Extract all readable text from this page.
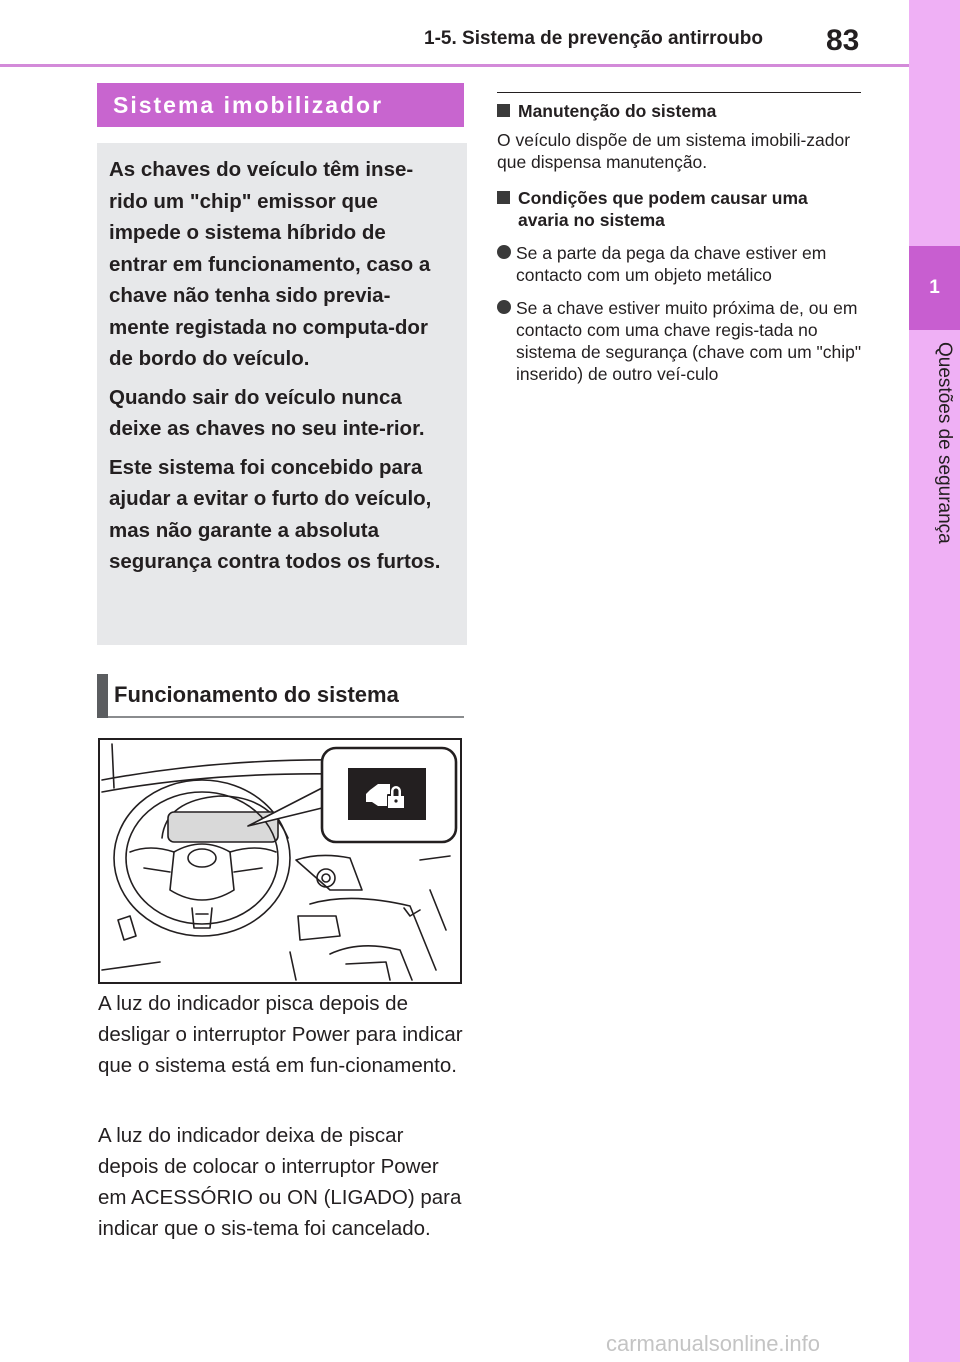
1-5. Sistema de prevenção antirroubo 83
1
Questões de segurança
Sistema imobilizador

As chaves do veículo têm inse-rido um "chip" emissor que impede o sistema híbrido de entrar em funcionamento, caso a chave não tenha sido previa-mente registada no computa-dor de bordo do veículo.

Quando sair do veículo nunca deixe as chaves no seu inte-rior.

Este sistema foi concebido para ajudar a evitar o furto do veículo, mas não garante a absoluta segurança contra todos os furtos.

Funcionamento do sistema

A luz do indicador pisca depois de desligar o interruptor Power para indicar que o sistema está em fun-cionamento.

A luz do indicador deixa de piscar depois de colocar o interruptor Power em ACESSÓRIO ou ON (LIGADO) para indicar que o sis-tema foi cancelado.

Manutenção do sistema

O veículo dispõe de um sistema imobili-zador que dispensa manutenção.

Condições que podem causar uma avaria no sistema
Se a parte da pega da chave estiver em contacto com um objeto metálico
Se a chave estiver muito próxima de, ou em contacto com uma chave regis-tada no sistema de segurança (chave com um "chip" inserido) de outro veí-culo
carmanualsonline.info
